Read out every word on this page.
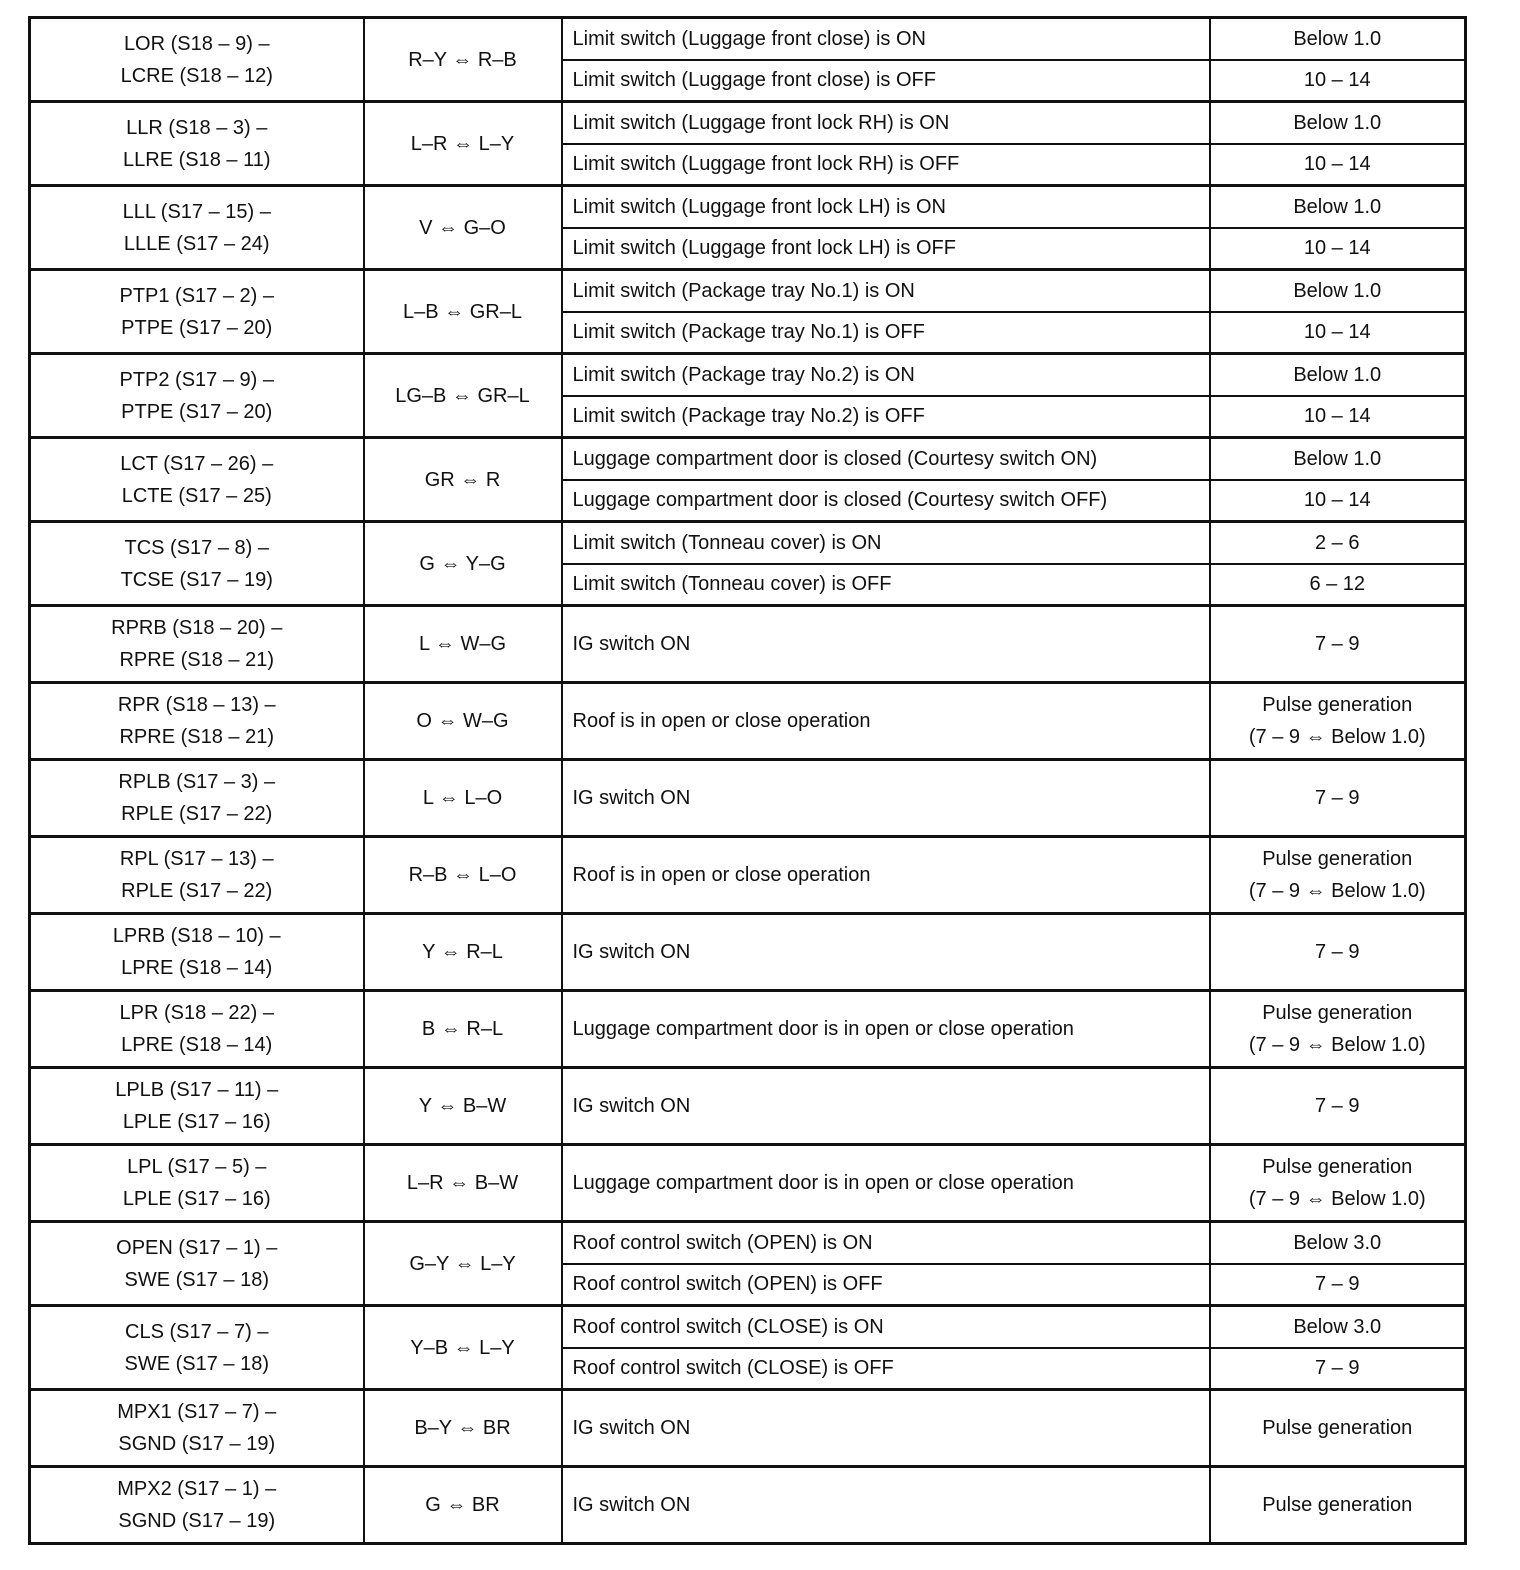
LOR (S18 – 9) –
LCRE (S18 – 12)	R–Y ⇔ R–B	Limit switch (Luggage front close) is ON	Below 1.0

		Limit switch (Luggage front close) is OFF	10 – 14

LLR (S18 – 3) –
LLRE (S18 – 11)	L–R ⇔ L–Y	Limit switch (Luggage front lock RH) is ON	Below 1.0

		Limit switch (Luggage front lock RH) is OFF	10 – 14

LLL (S17 – 15) –
LLLE (S17 – 24)	V ⇔ G–O	Limit switch (Luggage front lock LH) is ON	Below 1.0

		Limit switch (Luggage front lock LH) is OFF	10 – 14

PTP1 (S17 – 2) –
PTPE (S17 – 20)	L–B ⇔ GR–L	Limit switch (Package tray No.1) is ON	Below 1.0

		Limit switch (Package tray No.1) is OFF	10 – 14

PTP2 (S17 – 9) –
PTPE (S17 – 20)	LG–B ⇔ GR–L	Limit switch (Package tray No.2) is ON	Below 1.0

		Limit switch (Package tray No.2) is OFF	10 – 14

LCT (S17 – 26) –
LCTE (S17 – 25)	GR ⇔ R	Luggage compartment door is closed (Courtesy switch ON)	Below 1.0

		Luggage compartment door is closed (Courtesy switch OFF)	10 – 14

TCS (S17 – 8) –
TCSE (S17 – 19)	G ⇔ Y–G	Limit switch (Tonneau cover) is ON	2 – 6

		Limit switch (Tonneau cover) is OFF	6 – 12

RPRB (S18 – 20) –
RPRE (S18 – 21)	L ⇔ W–G	IG switch ON	7 – 9

RPR (S18 – 13) –
RPRE (S18 – 21)	O ⇔ W–G	Roof is in open or close operation	Pulse generation
(7 – 9 ⇔ Below 1.0)

RPLB (S17 – 3) –
RPLE (S17 – 22)	L ⇔ L–O	IG switch ON	7 – 9

RPL (S17 – 13) –
RPLE (S17 – 22)	R–B ⇔ L–O	Roof is in open or close operation	Pulse generation
(7 – 9 ⇔ Below 1.0)

LPRB (S18 – 10) –
LPRE (S18 – 14)	Y ⇔ R–L	IG switch ON	7 – 9

LPR (S18 – 22) –
LPRE (S18 – 14)	B ⇔ R–L	Luggage compartment door is in open or close operation	Pulse generation
(7 – 9 ⇔ Below 1.0)

LPLB (S17 – 11) –
LPLE (S17 – 16)	Y ⇔ B–W	IG switch ON	7 – 9

LPL (S17 – 5) –
LPLE (S17 – 16)	L–R ⇔ B–W	Luggage compartment door is in open or close operation	Pulse generation
(7 – 9 ⇔ Below 1.0)

OPEN (S17 – 1) –
SWE (S17 – 18)	G–Y ⇔ L–Y	Roof control switch (OPEN) is ON	Below 3.0

		Roof control switch (OPEN) is OFF	7 – 9

CLS (S17 – 7) –
SWE (S17 – 18)	Y–B ⇔ L–Y	Roof control switch (CLOSE) is ON	Below 3.0

		Roof control switch (CLOSE) is OFF	7 – 9

MPX1 (S17 – 7) –
SGND (S17 – 19)	B–Y ⇔ BR	IG switch ON	Pulse generation

MPX2 (S17 – 1) –
SGND (S17 – 19)	G ⇔ BR	IG switch ON	Pulse generation
